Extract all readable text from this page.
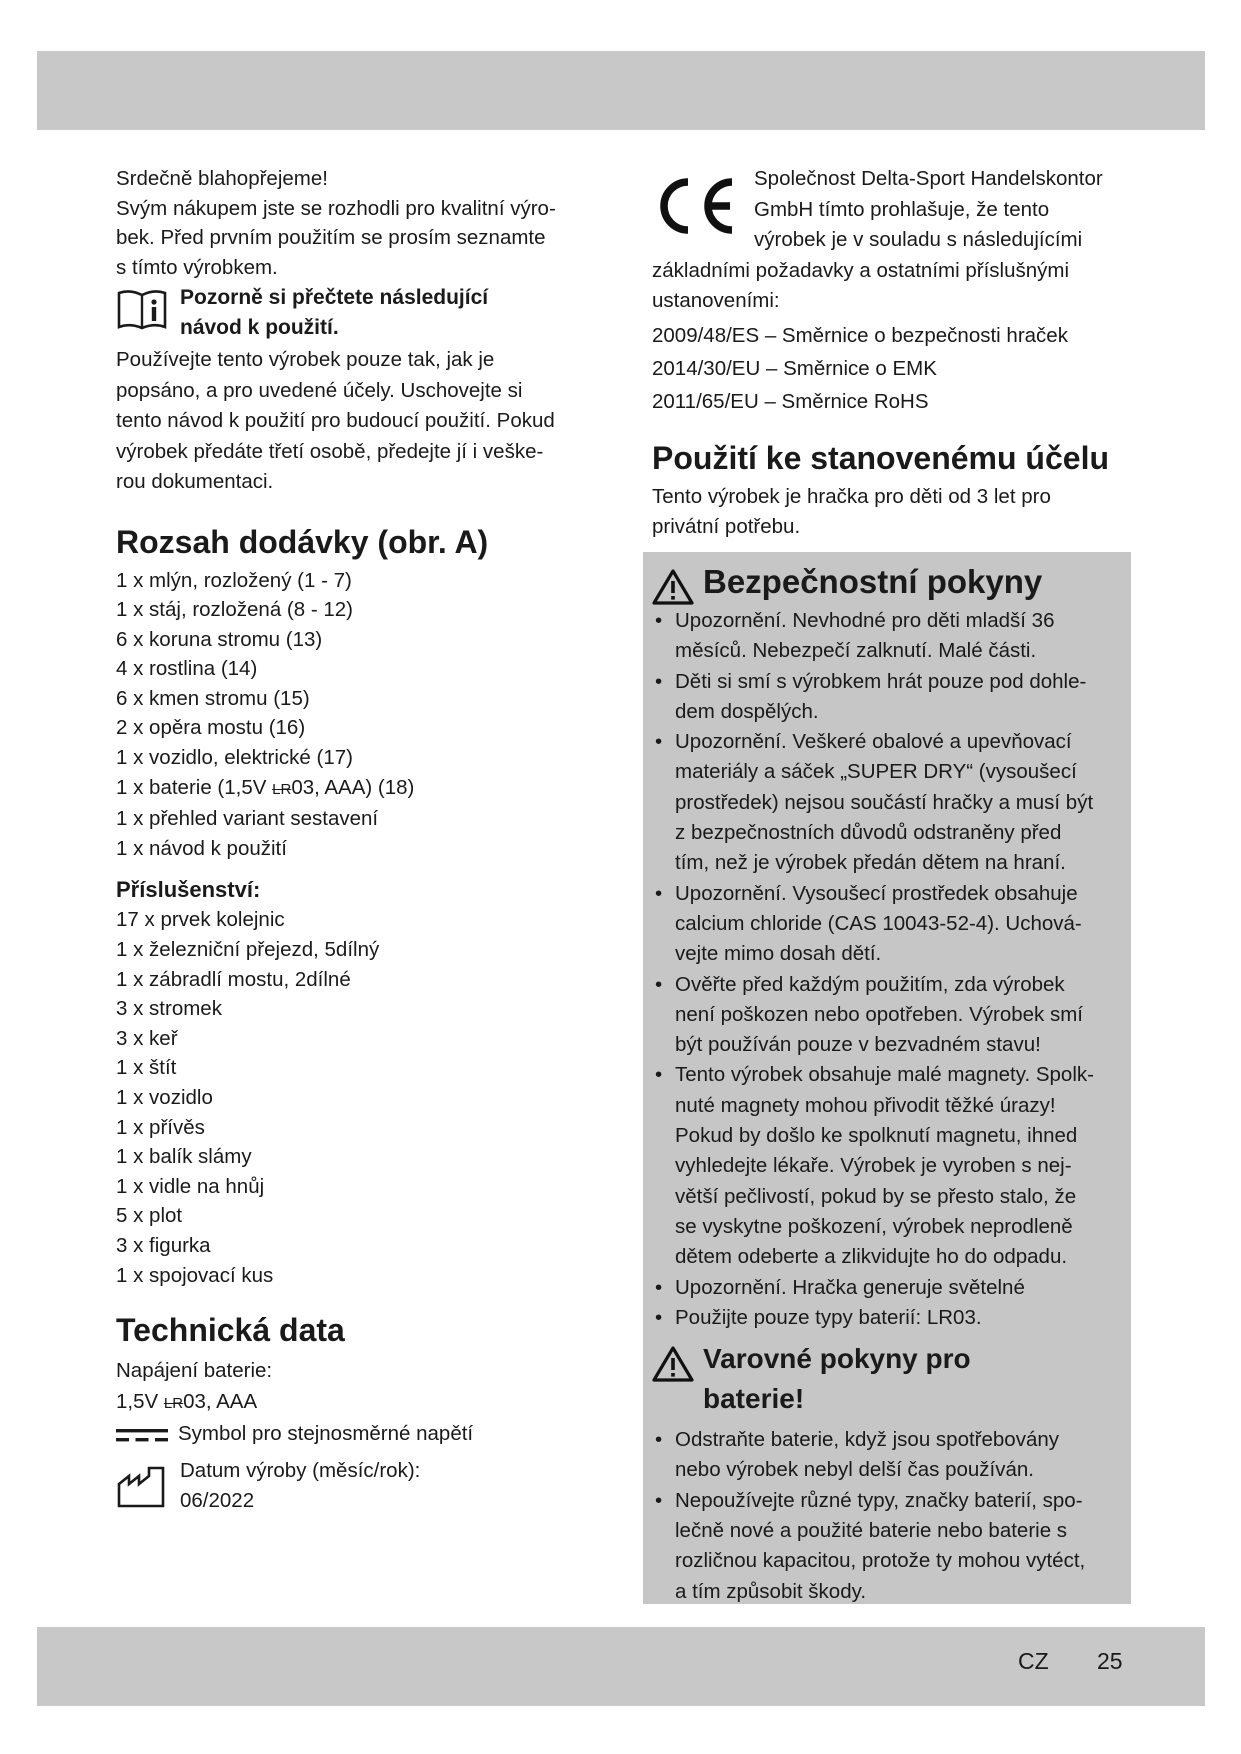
Srdečně blahopřejeme!

Svým nákupem jste se rozhodli pro kvalitní výro-

bek. Před prvním použitím se prosím seznamte

s tímto výrobkem.

Pozorně si přečtete následující

návod k použití.

Používejte tento výrobek pouze tak, jak je

popsáno, a pro uvedené účely. Uschovejte si

tento návod k použití pro budoucí použití. Pokud

výrobek předáte třetí osobě, předejte jí i veške-

rou dokumentaci.

Rozsah dodávky (obr. A)

1 x mlýn, rozložený (1 - 7)

1 x stáj, rozložená (8 - 12)

6 x koruna stromu (13)

4 x rostlina (14)

6 x kmen stromu (15)

2 x opěra mostu (16)

1 x vozidlo, elektrické (17)

1 x baterie (1,5V LR03, AAA) (18)

1 x přehled variant sestavení

1 x návod k použití

Příslušenství:

17 x prvek kolejnic

1 x železniční přejezd, 5dílný

1 x zábradlí mostu, 2dílné

3 x stromek

3 x keř

1 x štít

1 x vozidlo

1 x přívěs

1 x balík slámy

1 x vidle na hnůj

5 x plot

3 x figurka

1 x spojovací kus

Technická data

Napájení baterie:

1,5V LR03, AAA

Symbol pro stejnosměrné napětí

Datum výroby (měsíc/rok):

06/2022

Společnost Delta-Sport Handelskontor

GmbH tímto prohlašuje, že tento

výrobek je v souladu s následujícími

základními požadavky a ostatními příslušnými

ustanoveními:

2009/48/ES – Směrnice o bezpečnosti hraček

2014/30/EU – Směrnice o EMK

2011/65/EU – Směrnice RoHS

Použití ke stanovenému účelu

Tento výrobek je hračka pro děti od 3 let pro

privátní potřebu.

Bezpečnostní pokyny

• Upozornění. Nevhodné pro děti mladší 36

měsíců. Nebezpečí zalknutí. Malé části.

• Děti si smí s výrobkem hrát pouze pod dohle-

dem dospělých.

• Upozornění. Veškeré obalové a upevňovací

materiály a sáček „SUPER DRY“ (vysoušecí

prostředek) nejsou součástí hračky a musí být

z bezpečnostních důvodů odstraněny před

tím, než je výrobek předán dětem na hraní.

• Upozornění. Vysoušecí prostředek obsahuje

calcium chloride (CAS 10043-52-4). Uchová-

vejte mimo dosah dětí.

• Ověřte před každým použitím, zda výrobek

není poškozen nebo opotřeben. Výrobek smí

být používán pouze v bezvadném stavu!

• Tento výrobek obsahuje malé magnety. Spolk-

nuté magnety mohou přivodit těžké úrazy!

Pokud by došlo ke spolknutí magnetu, ihned

vyhledejte lékaře. Výrobek je vyroben s nej-

větší pečlivostí, pokud by se přesto stalo, že

se vyskytne poškození, výrobek neprodleně

dětem odeberte a zlikvidujte ho do odpadu.

• Upozornění. Hračka generuje světelné

• Použijte pouze typy baterií: LR03.

Varovné pokyny pro
baterie!

• Odstraňte baterie, když jsou spotřebovány

nebo výrobek nebyl delší čas používán.

• Nepoužívejte různé typy, značky baterií, spo-

lečně nové a použité baterie nebo baterie s

rozličnou kapacitou, protože ty mohou vytéct,

a tím způsobit škody.

CZ 25
